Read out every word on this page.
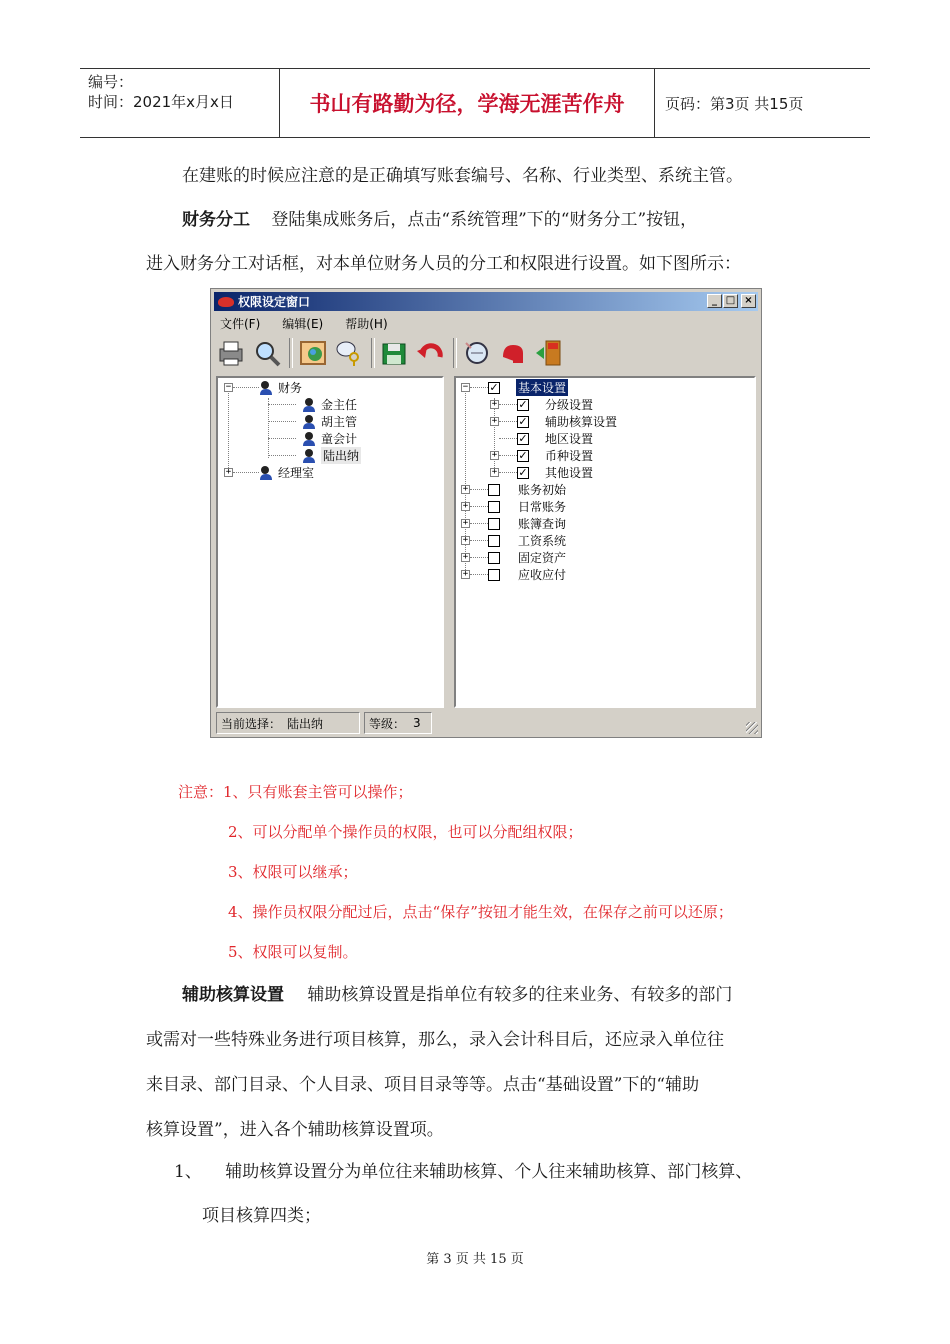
编号：
时间：2021年x月x日	书山有路勤为径，学海无涯苦作舟	页码：第3页 共15页
在建账的时候应注意的是正确填写账套编号、名称、行业类型、系统主管。
财务分工 登陆集成账务后，点击“系统管理”下的“财务分工”按钮，
进入财务分工对话框，对本单位财务人员的分工和权限进行设置。如下图所示：
权限设定窗口	_ □ ×
文件(F) 编辑(E) 帮助(H)
−	财务
金主任
胡主管
童会计
陆出纳
+	经理室
− ✓ 基本设置
+ ✓ 分级设置
+ ✓ 辅助核算设置
✓ 地区设置
+ ✓ 币种设置
+ ✓ 其他设置
+	账务初始
+	日常账务
+	账簿查询
+	工资系统
+	固定资产
+	应收应付
当前选择： 陆出纳	等级： 3
注意：1、只有账套主管可以操作；
2、可以分配单个操作员的权限，也可以分配组权限；
3、权限可以继承；
4、操作员权限分配过后，点击“保存”按钮才能生效，在保存之前可以还原；
5、权限可以复制。
辅助核算设置 辅助核算设置是指单位有较多的往来业务、有较多的部门
或需对一些特殊业务进行项目核算，那么，录入会计科目后，还应录入单位往
来目录、部门目录、个人目录、项目目录等等。点击“基础设置”下的“辅助
核算设置”，进入各个辅助核算设置项。
1、 辅助核算设置分为单位往来辅助核算、个人往来辅助核算、部门核算、
项目核算四类；
第 3 页 共 15 页
